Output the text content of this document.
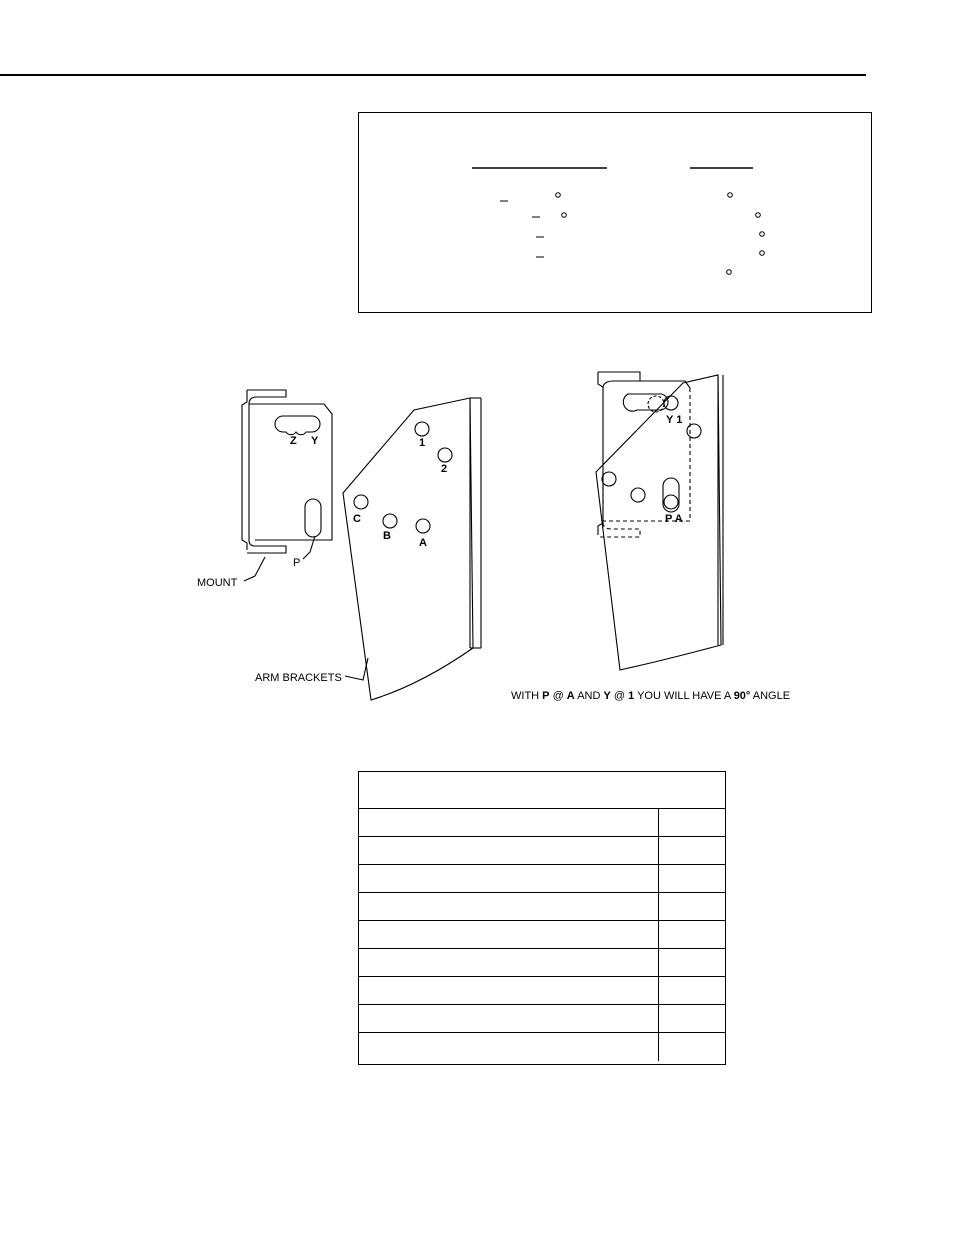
Z Y
P
MOUNT
1
2
C
B
A
ARM BRACKETS
Y 1
P A
WITH P @ A AND Y @ 1 YOU WILL HAVE A 90° ANGLE
